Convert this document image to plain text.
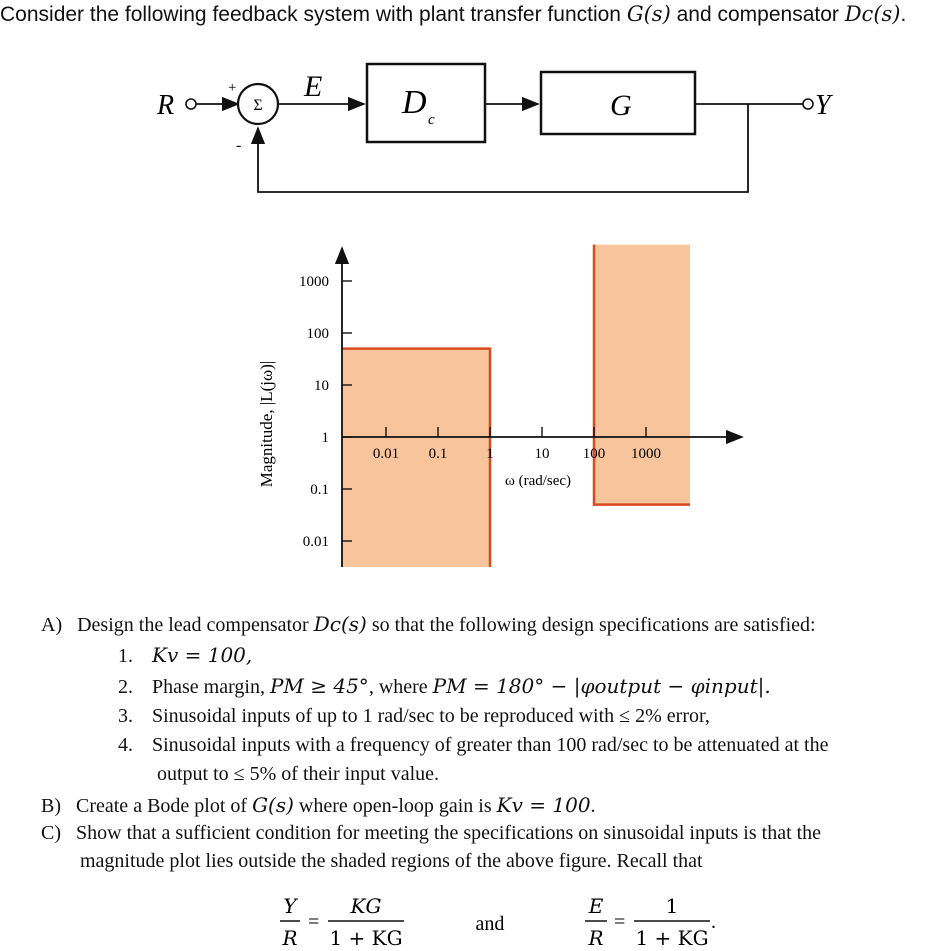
Consider the following feedback system with plant transfer function G(s) and compensator Dc(s).
R
+
-
Σ
E D c	G	Y
1000
100
10
1
0.1
0.01
0.01 0.1	1	10 100 1000
Magnitude, |L(jω)|	ω (rad/sec)
A) Design the lead compensator Dc(s) so that the following design specifications are satisfied:
1. Kv = 100,
2. Phase margin, PM ≥ 45°, where PM = 180° − |φoutput − φinput|.
3. Sinusoidal inputs of up to 1 rad/sec to be reproduced with ≤ 2% error,
4. Sinusoidal inputs with a frequency of greater than 100 rad/sec to be attenuated at the
output to ≤ 5% of their input value.
B) Create a Bode plot of G(s) where open-loop gain is Kv = 100.
C) Show that a sufficient condition for meeting the specifications on sinusoidal inputs is that the
magnitude plot lies outside the shaded regions of the above figure. Recall that
Y
R
=
KG
1 + KG
and
E
R
=
1
1 + KG
.
